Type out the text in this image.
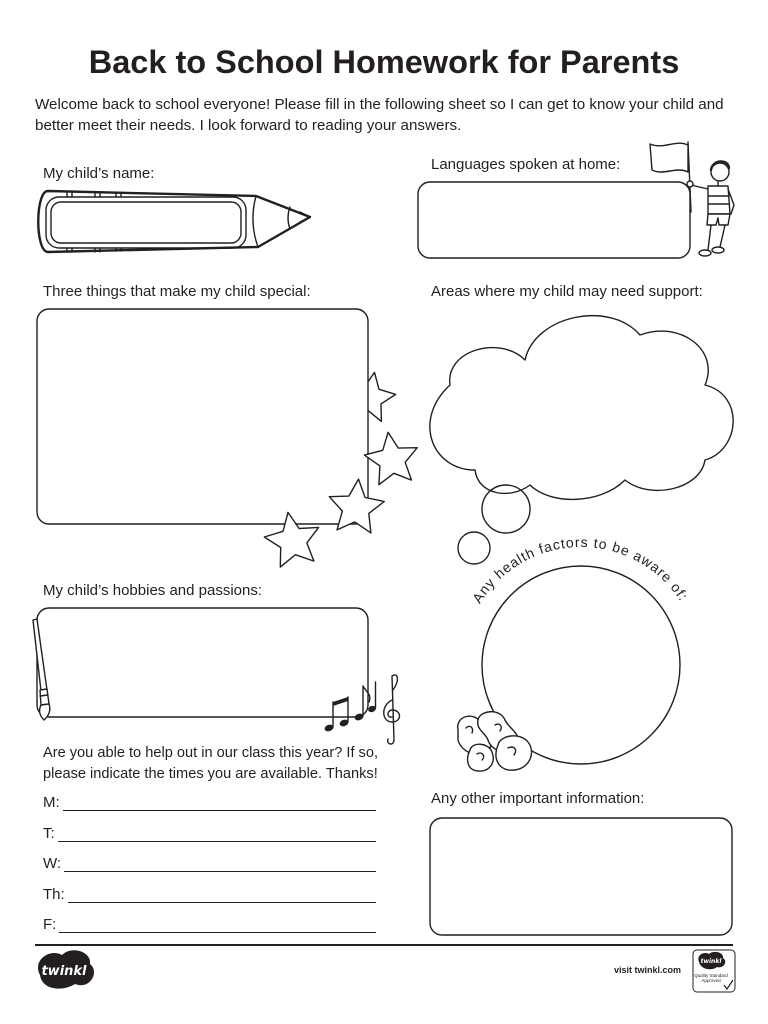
Any health factors to be aware of:
twinkl
twinkl
Quality Standard
Approved
Back to School Homework for Parents
Welcome back to school everyone! Please fill in the following sheet so I can get to know your child and
better meet their needs. I look forward to reading your answers.
My child’s name:
Languages spoken at home:
Three things that make my child special:	Areas where my child may need support:
My child’s hobbies and passions:
Are you able to help out in our class this year? If so,
please indicate the times you are available. Thanks!
M:
T:
W:
Th:
F:
Any other important information:
visit twinkl.com
